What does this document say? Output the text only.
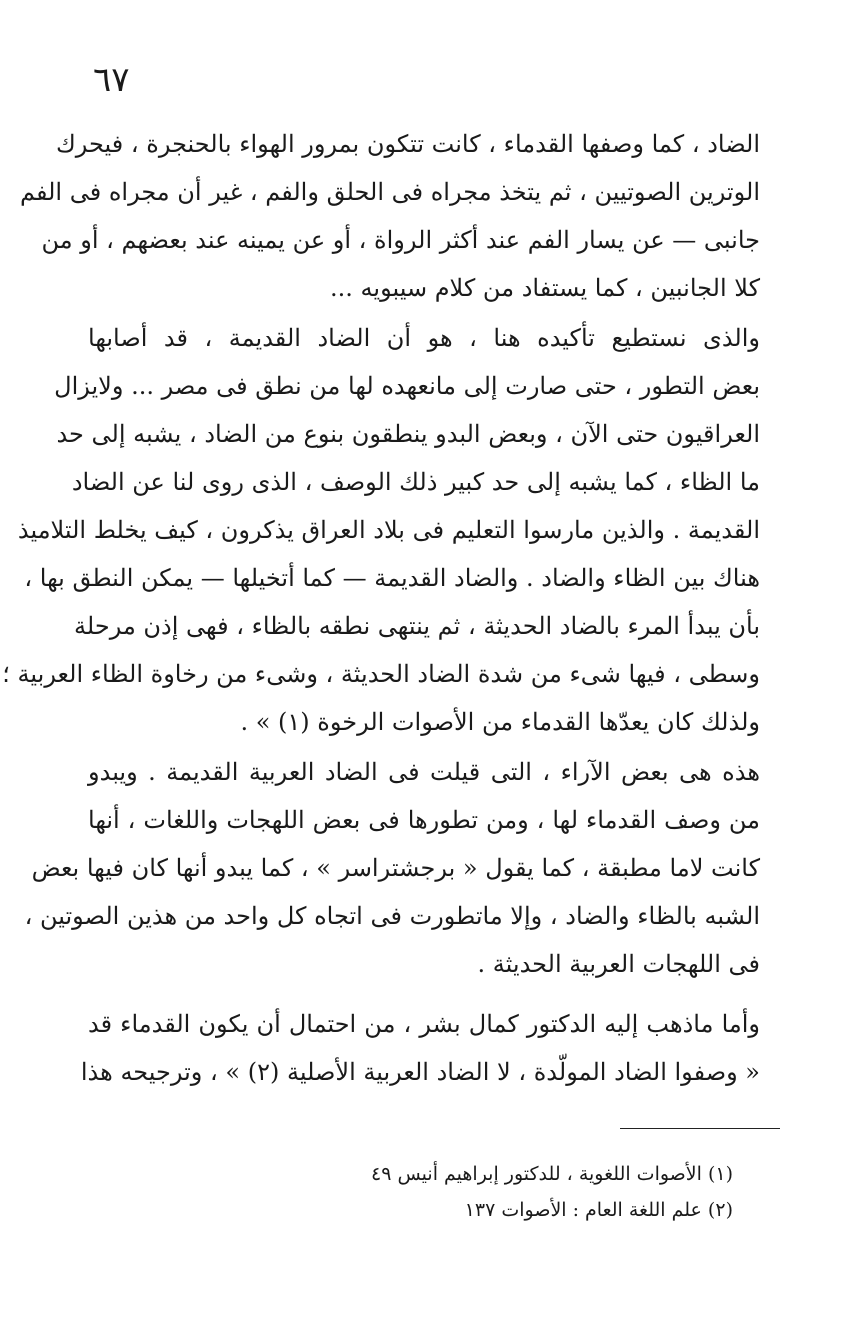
٦٧
الضاد ، كما وصفها القدماء ، كانت تتكون بمرور الهواء بالحنجرة ، فيحرك
الوترين الصوتيين ، ثم يتخذ مجراه فى الحلق والفم ، غير أن مجراه فى الفم
جانبى — عن يسار الفم عند أكثر الرواة ، أو عن يمينه عند بعضهم ، أو من
كلا الجانبين ، كما يستفاد من كلام سيبويه ...
والذى نستطيع تأكيده هنا ، هو أن الضاد القديمة ، قد أصابها
بعض التطور ، حتى صارت إلى مانعهده لها من نطق فى مصر ... ولايزال
العراقيون حتى الآن ، وبعض البدو ينطقون بنوع من الضاد ، يشبه إلى حد
ما الظاء ، كما يشبه إلى حد كبير ذلك الوصف ، الذى روى لنا عن الضاد
القديمة . والذين مارسوا التعليم فى بلاد العراق يذكرون ، كيف يخلط التلاميذ
هناك بين الظاء والضاد . والضاد القديمة — كما أتخيلها — يمكن النطق بها ،
بأن يبدأ المرء بالضاد الحديثة ، ثم ينتهى نطقه بالظاء ، فهى إذن مرحلة
وسطى ، فيها شىء من شدة الضاد الحديثة ، وشىء من رخاوة الظاء العربية ؛
ولذلك كان يعدّها القدماء من الأصوات الرخوة (١) » .
هذه هى بعض الآراء ، التى قيلت فى الضاد العربية القديمة . ويبدو
من وصف القدماء لها ، ومن تطورها فى بعض اللهجات واللغات ، أنها
كانت لاما مطبقة ، كما يقول « برجشتراسر » ، كما يبدو أنها كان فيها بعض
الشبه بالظاء والضاد ، وإلا ماتطورت فى اتجاه كل واحد من هذين الصوتين ،
فى اللهجات العربية الحديثة .
وأما ماذهب إليه الدكتور كمال بشر ، من احتمال أن يكون القدماء قد
« وصفوا الضاد المولّدة ، لا الضاد العربية الأصلية (٢) » ، وترجيحه هذا
(١) الأصوات اللغوية ، للدكتور إبراهيم أنيس ٤٩
(٢) علم اللغة العام : الأصوات ١٣٧
